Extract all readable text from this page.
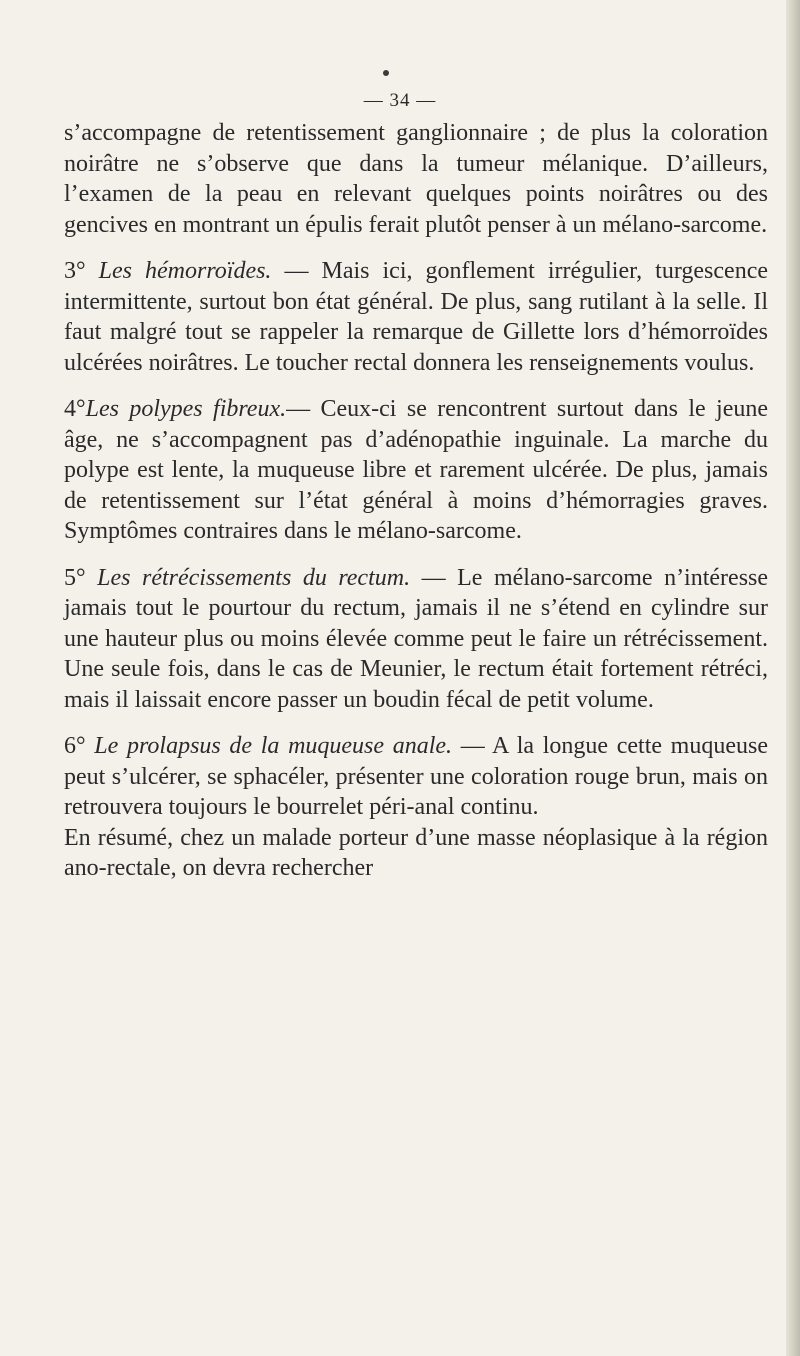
— 34 —

s’accompagne de retentissement ganglionnaire ; de plus la coloration noirâtre ne s’observe que dans la tumeur mélanique. D’ailleurs, l’examen de la peau en relevant quelques points noirâtres ou des gencives en montrant un épulis ferait plutôt penser à un mélano-sarcome.

3° Les hémorroïdes. — Mais ici, gonflement irrégulier, turgescence intermittente, surtout bon état général. De plus, sang rutilant à la selle. Il faut malgré tout se rappeler la remarque de Gillette lors d’hémorroïdes ulcérées noirâtres. Le toucher rectal donnera les renseignements voulus.

4°Les polypes fibreux.— Ceux-ci se rencontrent surtout dans le jeune âge, ne s’accompagnent pas d’adénopathie inguinale. La marche du polype est lente, la muqueuse libre et rarement ulcérée. De plus, jamais de retentissement sur l’état général à moins d’hémorragies graves. Symptômes contraires dans le mélano-sarcome.

5° Les rétrécissements du rectum. — Le mélano-sarcome n’intéresse jamais tout le pourtour du rectum, jamais il ne s’étend en cylindre sur une hauteur plus ou moins élevée comme peut le faire un rétrécissement. Une seule fois, dans le cas de Meunier, le rectum était fortement rétréci, mais il laissait encore passer un boudin fécal de petit volume.

6° Le prolapsus de la muqueuse anale. — A la longue cette muqueuse peut s’ulcérer, se sphacéler, présenter une coloration rouge brun, mais on retrouvera toujours le bourrelet péri-anal continu.

En résumé, chez un malade porteur d’une masse néoplasique à la région ano-rectale, on devra rechercher
